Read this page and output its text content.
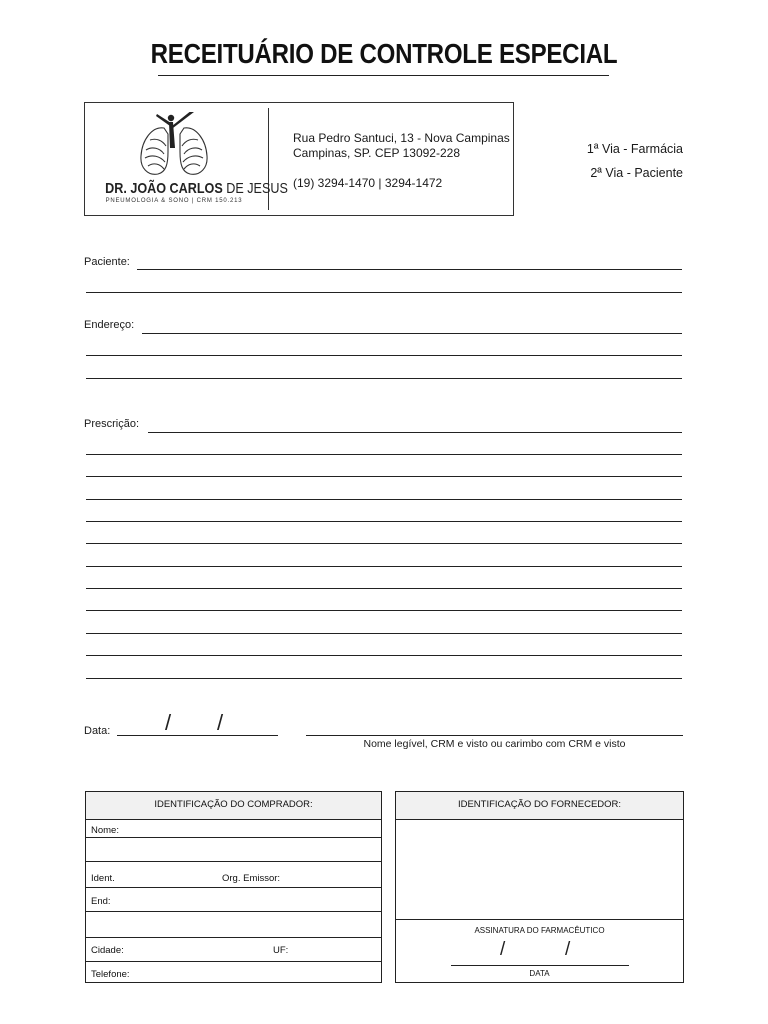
RECEITUÁRIO DE CONTROLE ESPECIAL
DR. JOÃO CARLOS DE JESUS
PNEUMOLOGIA & SONO | CRM 150.213
Rua Pedro Santuci, 13 - Nova Campinas
Campinas, SP. CEP 13092-228
(19) 3294-1470 | 3294-1472
1ª Via - Farmácia
2ª Via - Paciente
Paciente:
Endereço:
Prescrição:
Data: / /
Nome legível, CRM e visto ou carimbo com CRM e visto
IDENTIFICAÇÃO DO COMPRADOR:
Nome:
Ident.	Org. Emissor:
End:
Cidade:	UF:
Telefone:
IDENTIFICAÇÃO DO FORNECEDOR:
ASSINATURA DO FARMACÊUTICO
/	/
DATA
